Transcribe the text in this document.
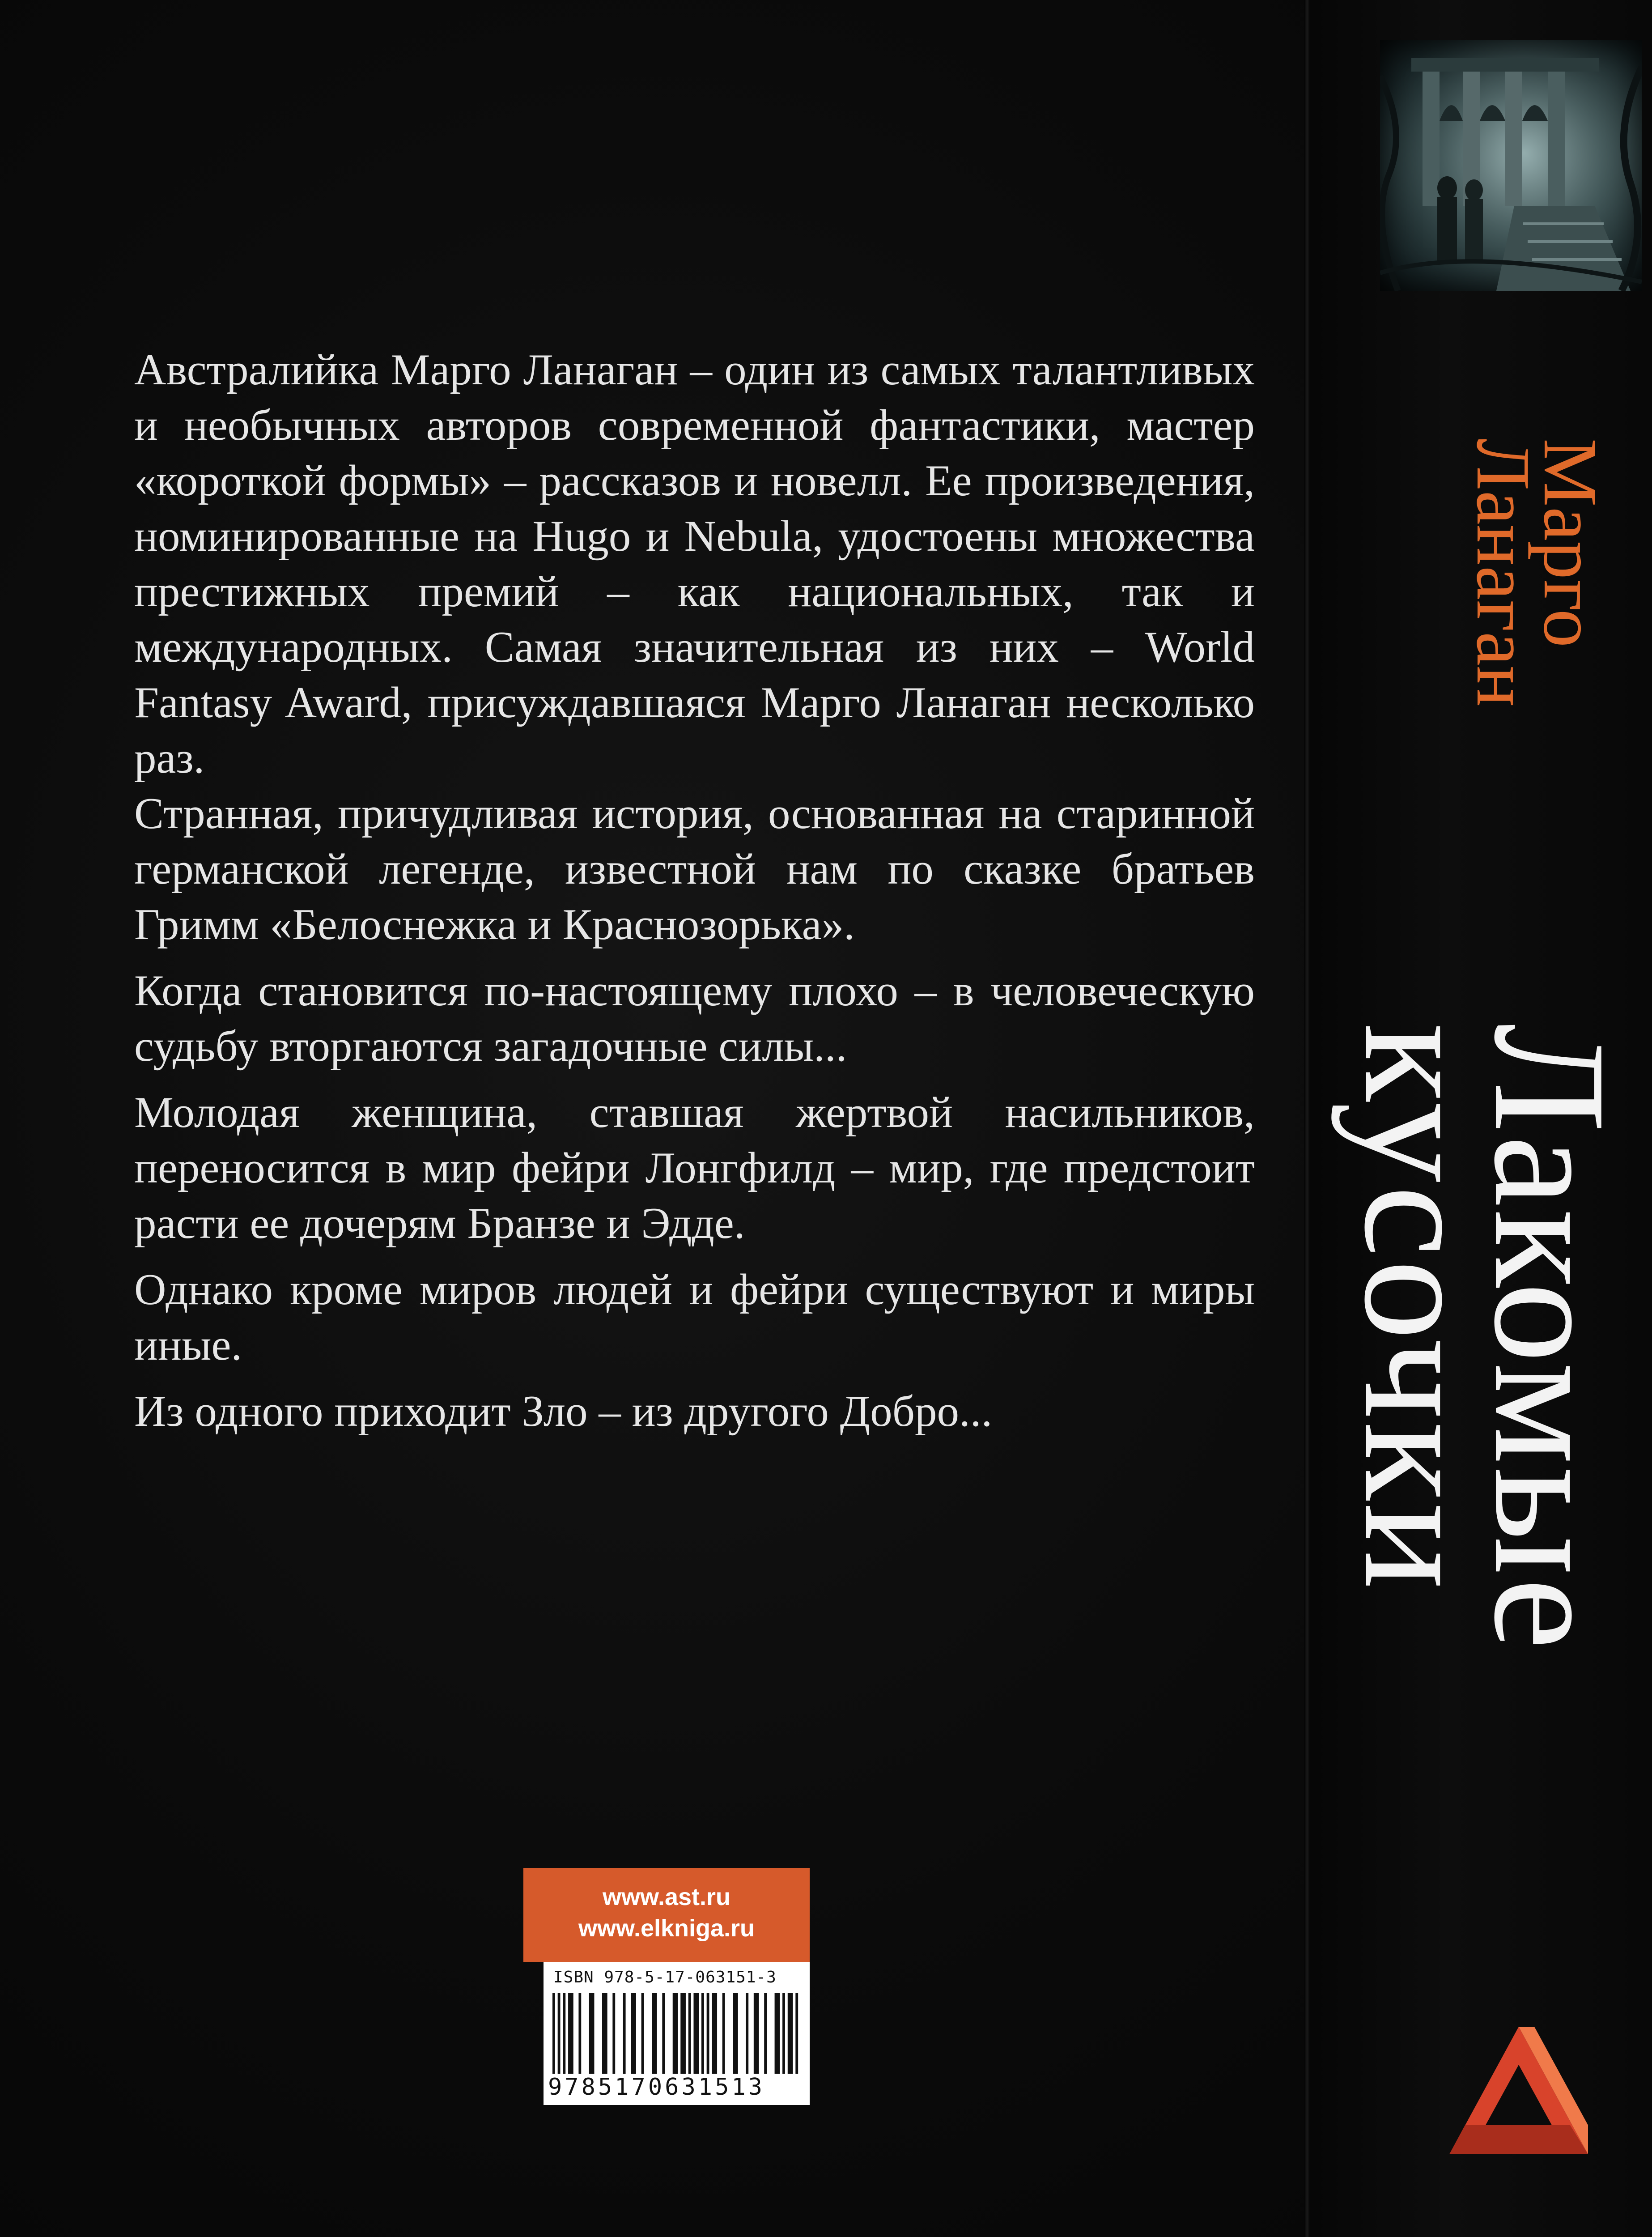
Австралийка Марго Ланаган – один из самых талантливых и необычных авторов современной фантастики, мастер «короткой формы» – рассказов и новелл. Ее произведения, номинированные на Hugo и Nebula, удостоены множества престижных премий – как национальных, так и международных. Самая значительная из них – World Fantasy Award, присуждавшаяся Марго Ланаган несколько раз.

Странная, причудливая история, основанная на старинной германской легенде, известной нам по сказке братьев Гримм «Белоснежка и Краснозорька».

Когда становится по-настоящему плохо – в человеческую судьбу вторгаются загадочные силы...

Молодая женщина, ставшая жертвой насильников, переносится в мир фейри Лонгфилд – мир, где предстоит расти ее дочерям Бранзе и Эдде.

Однако кроме миров людей и фейри существуют и миры иные.

Из одного приходит Зло – из другого Добро...

Марго
Ланаган
Лакомые
кусочки
www.ast.ru
www.elkniga.ru
ISBN 978-5-17-063151-3
9785170631513
